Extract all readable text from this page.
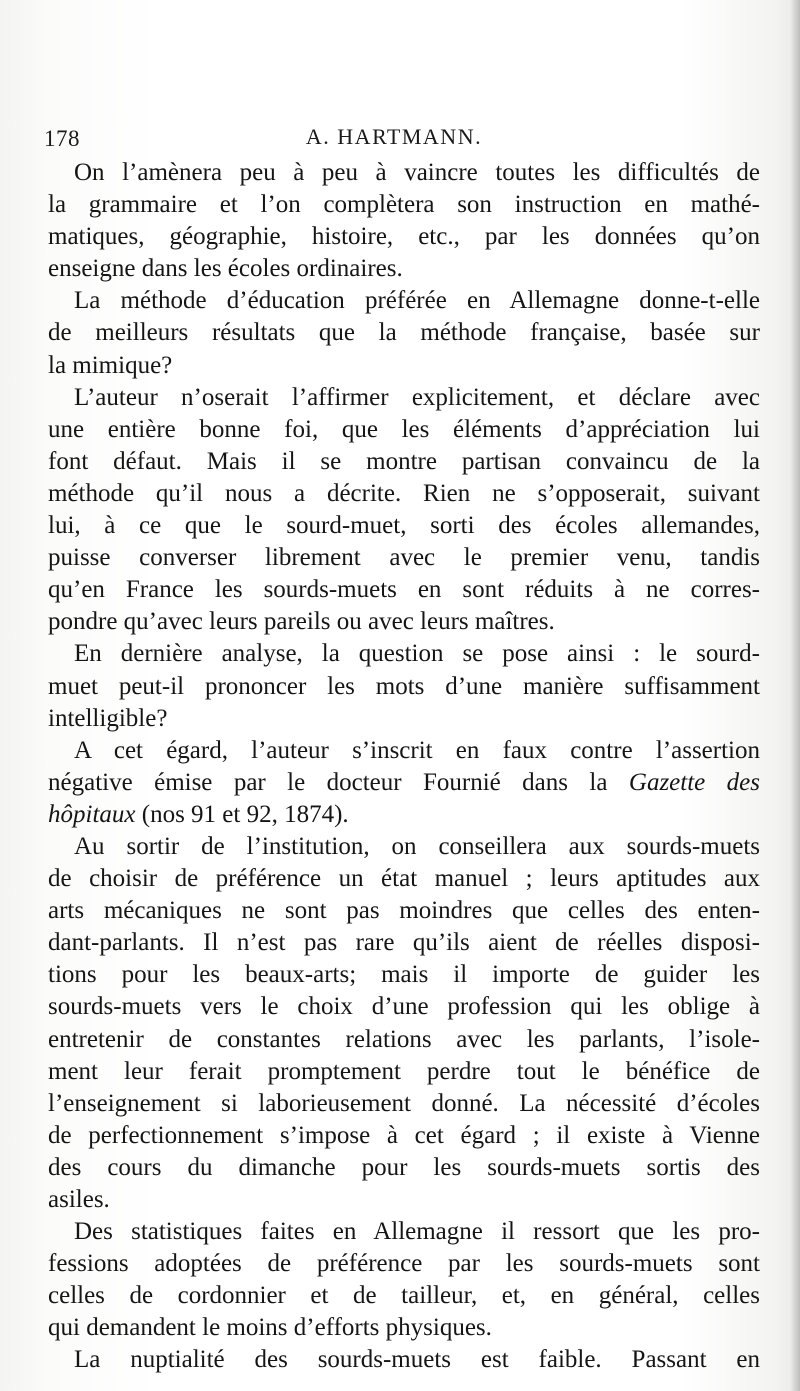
178	A. HARTMANN.
On l’amènera peu à peu à vaincre toutes les difficultés de
la grammaire et l’on complètera son instruction en mathé-
matiques, géographie, histoire, etc., par les données qu’on
enseigne dans les écoles ordinaires.
La méthode d’éducation préférée en Allemagne donne-t-elle
de meilleurs résultats que la méthode française, basée sur
la mimique?
L’auteur n’oserait l’affirmer explicitement, et déclare avec
une entière bonne foi, que les éléments d’appréciation lui
font défaut. Mais il se montre partisan convaincu de la
méthode qu’il nous a décrite. Rien ne s’opposerait, suivant
lui, à ce que le sourd-muet, sorti des écoles allemandes,
puisse converser librement avec le premier venu, tandis
qu’en France les sourds-muets en sont réduits à ne corres-
pondre qu’avec leurs pareils ou avec leurs maîtres.
En dernière analyse, la question se pose ainsi : le sourd-
muet peut-il prononcer les mots d’une manière suffisamment
intelligible?
A cet égard, l’auteur s’inscrit en faux contre l’assertion
négative émise par le docteur Fournié dans la Gazette des
hôpitaux (nos 91 et 92, 1874).
Au sortir de l’institution, on conseillera aux sourds-muets
de choisir de préférence un état manuel ; leurs aptitudes aux
arts mécaniques ne sont pas moindres que celles des enten-
dant-parlants. Il n’est pas rare qu’ils aient de réelles disposi-
tions pour les beaux-arts; mais il importe de guider les
sourds-muets vers le choix d’une profession qui les oblige à
entretenir de constantes relations avec les parlants, l’isole-
ment leur ferait promptement perdre tout le bénéfice de
l’enseignement si laborieusement donné. La nécessité d’écoles
de perfectionnement s’impose à cet égard ; il existe à Vienne
des cours du dimanche pour les sourds-muets sortis des
asiles.
Des statistiques faites en Allemagne il ressort que les pro-
fessions adoptées de préférence par les sourds-muets sont
celles de cordonnier et de tailleur, et, en général, celles
qui demandent le moins d’efforts physiques.
La nuptialité des sourds-muets est faible. Passant en
